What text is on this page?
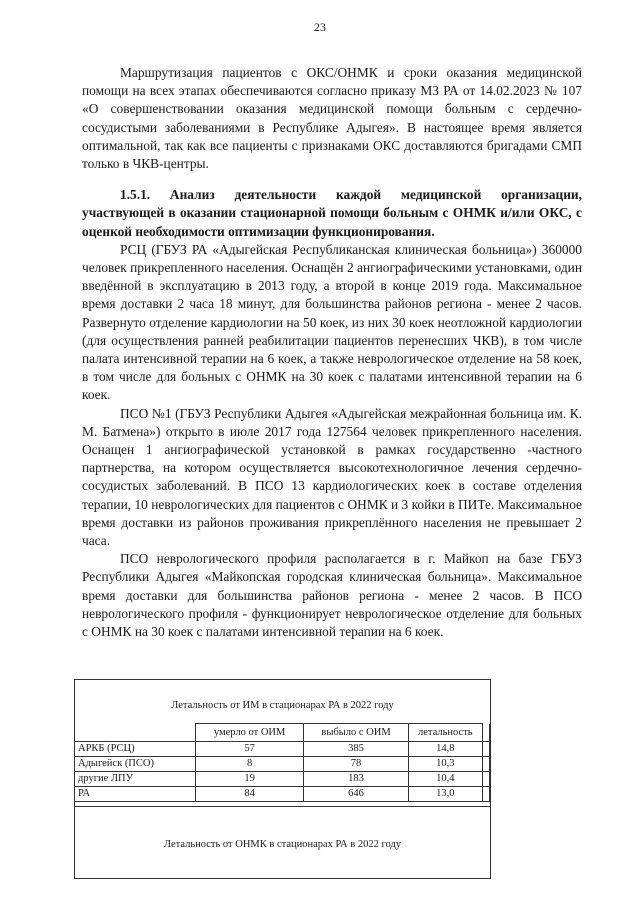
23

Маршрутизация пациентов с ОКС/ОНМК и сроки оказания медицинской помощи на всех этапах обеспечиваются согласно приказу МЗ РА от 14.02.2023 № 107 «О совершенствовании оказания медицинской помощи больным с сердечно-сосудистыми заболеваниями в Республике Адыгея». В настоящее время является оптимальной, так как все пациенты с признаками ОКС доставляются бригадами СМП только в ЧКВ-центры.

1.5.1. Анализ деятельности каждой медицинской организации, участвующей в оказании стационарной помощи больным с ОНМК и/или ОКС, с оценкой необходимости оптимизации функционирования.

РСЦ (ГБУЗ РА «Адыгейская Республиканская клиническая больница») 360000 человек прикрепленного населения. Оснащён 2 ангиографическими установками, один введённой в эксплуатацию в 2013 году, а второй в конце 2019 года. Максимальное время доставки 2 часа 18 минут, для большинства районов региона - менее 2 часов. Развернуто отделение кардиологии на 50 коек, из них 30 коек неотложной кардиологии (для осуществления ранней реабилитации пациентов перенесших ЧКВ), в том числе палата интенсивной терапии на 6 коек, а также неврологическое отделение на 58 коек, в том числе для больных с ОНМК на 30 коек с палатами интенсивной терапии на 6 коек.

ПСО №1 (ГБУЗ Республики Адыгея «Адыгейская межрайонная больница им. К. М. Батмена») открыто в июле 2017 года 127564 человек прикрепленного населения. Оснащен 1 ангиографической установкой в рамках государственно -частного партнерства, на котором осуществляется высокотехнологичное лечения сердечно-сосудистых заболеваний. В ПСО 13 кардиологических коек в составе отделения терапии, 10 неврологических для пациентов с ОНМК и 3 койки в ПИТе. Максимальное время доставки из районов проживания прикреплённого населения не превышает 2 часа.

ПСО неврологического профиля располагается в г. Майкоп на базе ГБУЗ Республики Адыгея «Майкопская городская клиническая больница». Максимальное время доставки для большинства районов региона - менее 2 часов. В ПСО неврологического профиля - функционирует неврологическое отделение для больных с ОНМК на 30 коек с палатами интенсивной терапии на 6 коек.

Летальность от ИМ в стационарах РА в 2022 году
	умерло от ОИМ	выбыло с ОИМ	летальность	
АРКБ (РСЦ)	57	385	14,8	
Адыгейск (ПСО)	8	78	10,3	
другие ЛПУ	19	183	10,4	
РА	84	646	13,0	
Летальность от ОНМК в стационарах РА в 2022 году
